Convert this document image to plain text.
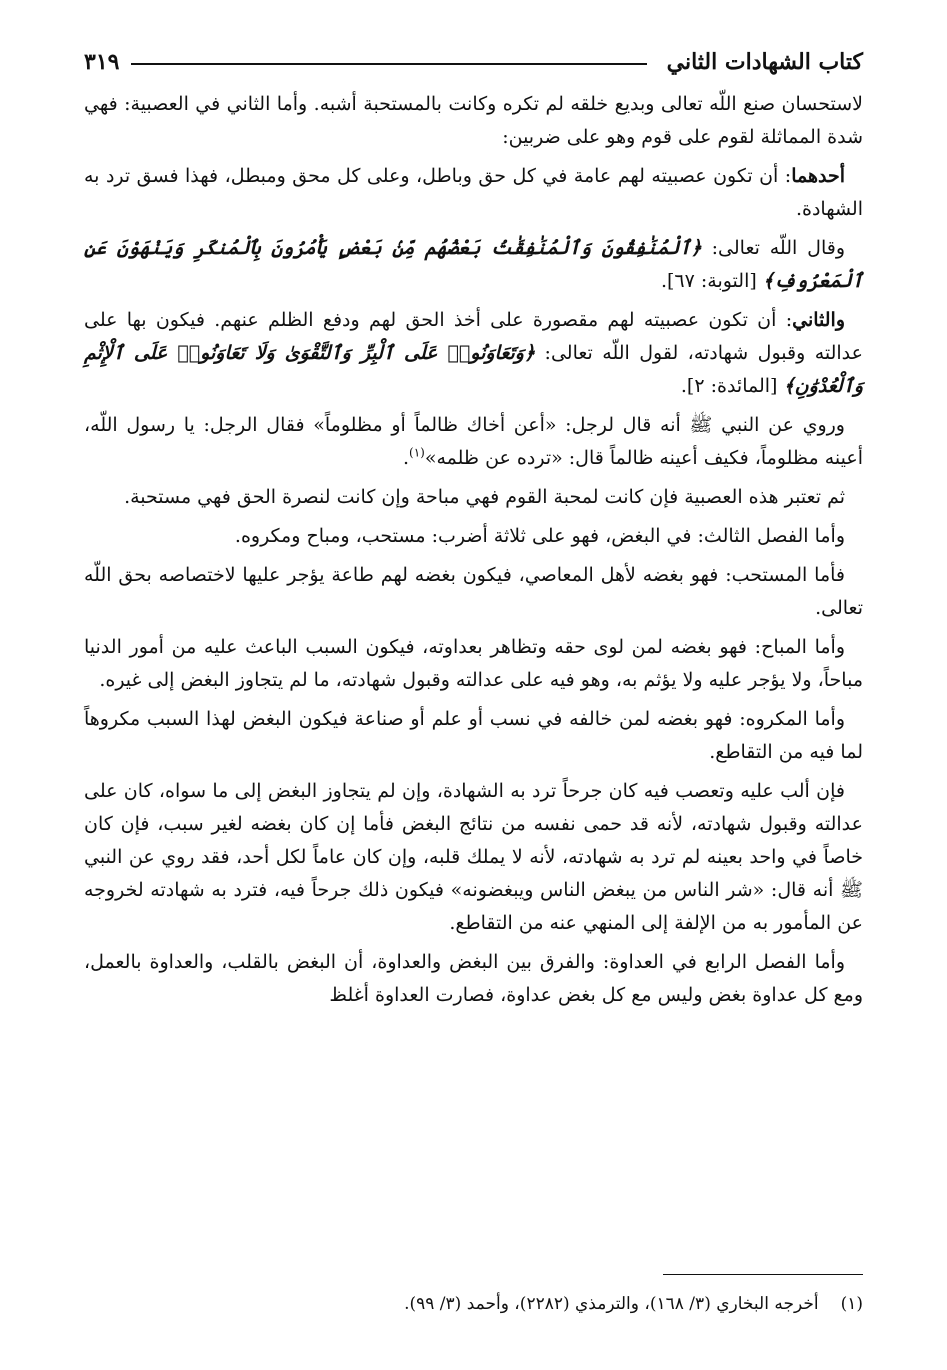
كتاب الشهادات الثاني
٣١٩

لاستحسان صنع اللّه تعالى وبديع خلقه لم تكره وكانت بالمستحبة أشبه. وأما الثاني في العصبية: فهي شدة المماثلة لقوم على قوم وهو على ضربين:

أحدهما: أن تكون عصبيته لهم عامة في كل حق وباطل، وعلى كل محق ومبطل، فهذا فسق ترد به الشهادة.

وقال اللّه تعالى: ﴿ٱلْمُنَٰفِقُونَ وَٱلْمُنَٰفِقَٰتُ بَعْضُهُم مِّنۢ بَعْضٍ يَأْمُرُونَ بِٱلْمُنكَرِ وَيَنْهَوْنَ عَنِ ٱلْمَعْرُوفِ﴾ [التوبة: ٦٧].

والثاني: أن تكون عصبيته لهم مقصورة على أخذ الحق لهم ودفع الظلم عنهم. فيكون بها على عدالته وقبول شهادته، لقول اللّه تعالى: ﴿وَتَعَاوَنُوا۟ عَلَى ٱلْبِرِّ وَٱلتَّقْوَىٰ وَلَا تَعَاوَنُوا۟ عَلَى ٱلْإِثْمِ وَٱلْعُدْوَٰنِ﴾ [المائدة: ٢].

وروي عن النبي ﷺ أنه قال لرجل: «أعن أخاك ظالماً أو مظلوماً» فقال الرجل: يا رسول اللّه، أعينه مظلوماً، فكيف أعينه ظالماً قال: «ترده عن ظلمه»$^{(١)}$.

ثم تعتبر هذه العصبية فإن كانت لمحبة القوم فهي مباحة وإن كانت لنصرة الحق فهي مستحبة.

وأما الفصل الثالث: في البغض، فهو على ثلاثة أضرب: مستحب، ومباح ومكروه.

فأما المستحب: فهو بغضه لأهل المعاصي، فيكون بغضه لهم طاعة يؤجر عليها لاختصاصه بحق اللّه تعالى.

وأما المباح: فهو بغضه لمن لوى حقه وتظاهر بعداوته، فيكون السبب الباعث عليه من أمور الدنيا مباحاً، ولا يؤجر عليه ولا يؤثم به، وهو فيه على عدالته وقبول شهادته، ما لم يتجاوز البغض إلى غيره.

وأما المكروه: فهو بغضه لمن خالفه في نسب أو علم أو صناعة فيكون البغض لهذا السبب مكروهاً لما فيه من التقاطع.

فإن ألب عليه وتعصب فيه كان جرحاً ترد به الشهادة، وإن لم يتجاوز البغض إلى ما سواه، كان على عدالته وقبول شهادته، لأنه قد حمى نفسه من نتائج البغض فأما إن كان بغضه لغير سبب، فإن كان خاصاً في واحد بعينه لم ترد به شهادته، لأنه لا يملك قلبه، وإن كان عاماً لكل أحد، فقد روي عن النبي ﷺ أنه قال: «شر الناس من يبغض الناس ويبغضونه» فيكون ذلك جرحاً فيه، فترد به شهادته لخروجه عن المأمور به من الإلفة إلى المنهي عنه من التقاطع.

وأما الفصل الرابع في العداوة: والفرق بين البغض والعداوة، أن البغض بالقلب، والعداوة بالعمل، ومع كل عداوة بغض وليس مع كل بغض عداوة، فصارت العداوة أغلظ

(١)أخرجه البخاري (٣/ ١٦٨)، والترمذي (٢٢٨٢)، وأحمد (٣/ ٩٩).
